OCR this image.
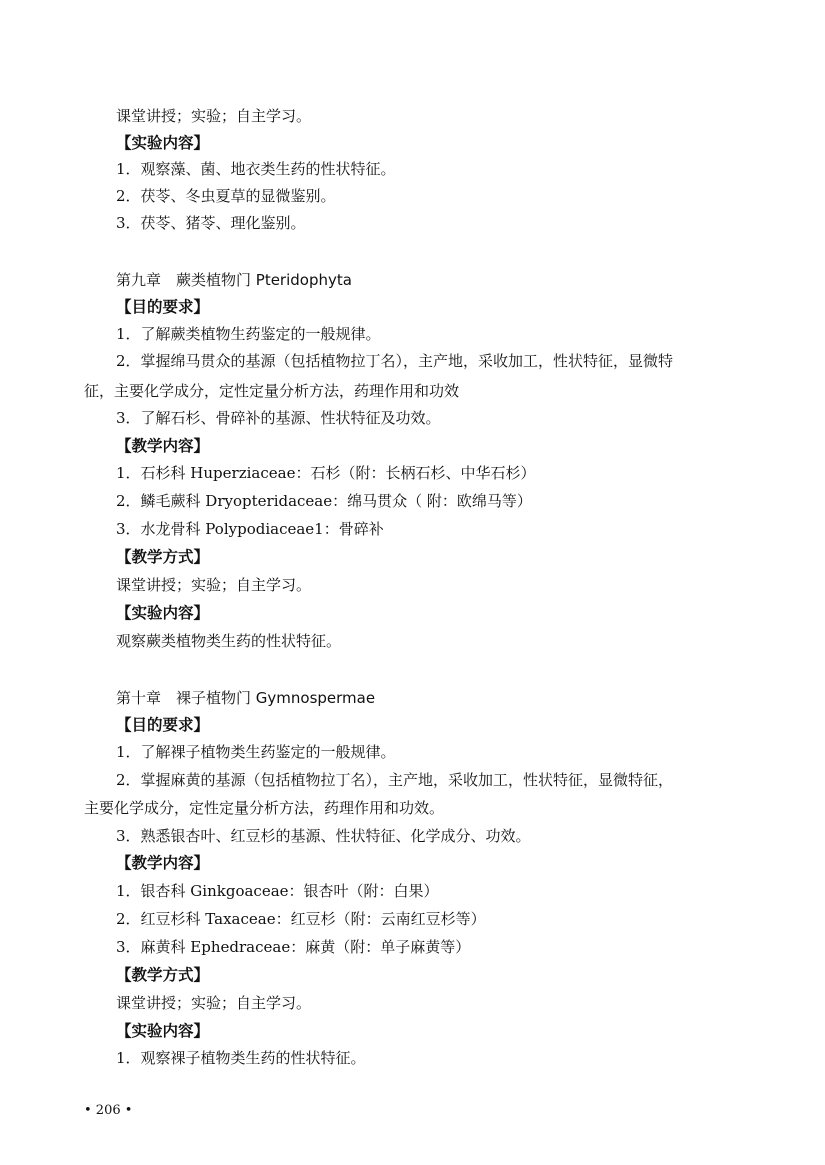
课堂讲授；实验；自主学习。
【实验内容】
1．观察藻、菌、地衣类生药的性状特征。
2．茯苓、冬虫夏草的显微鉴别。
3．茯苓、猪苓、理化鉴别。
第九章　蕨类植物门 Pteridophyta
【目的要求】
1．了解蕨类植物生药鉴定的一般规律。
2．掌握绵马贯众的基源（包括植物拉丁名），主产地，采收加工，性状特征，显微特
征，主要化学成分，定性定量分析方法，药理作用和功效
3．了解石杉、骨碎补的基源、性状特征及功效。
【教学内容】
1．石杉科 Huperziaceae：石杉（附：长柄石杉、中华石杉）
2．鳞毛蕨科 Dryopteridaceae：绵马贯众（ 附：欧绵马等）
3．水龙骨科 Polypodiaceae1：骨碎补
【教学方式】
课堂讲授；实验；自主学习。
【实验内容】
观察蕨类植物类生药的性状特征。
第十章　裸子植物门 Gymnospermae
【目的要求】
1．了解裸子植物类生药鉴定的一般规律。
2．掌握麻黄的基源（包括植物拉丁名），主产地，采收加工，性状特征，显微特征，
主要化学成分，定性定量分析方法，药理作用和功效。
3．熟悉银杏叶、红豆杉的基源、性状特征、化学成分、功效。
【教学内容】
1．银杏科 Ginkgoaceae：银杏叶（附：白果）
2．红豆杉科 Taxaceae：红豆杉（附：云南红豆杉等）
3．麻黄科 Ephedraceae：麻黄（附：单子麻黄等）
【教学方式】
课堂讲授；实验；自主学习。
【实验内容】
1．观察裸子植物类生药的性状特征。
• 206 •
